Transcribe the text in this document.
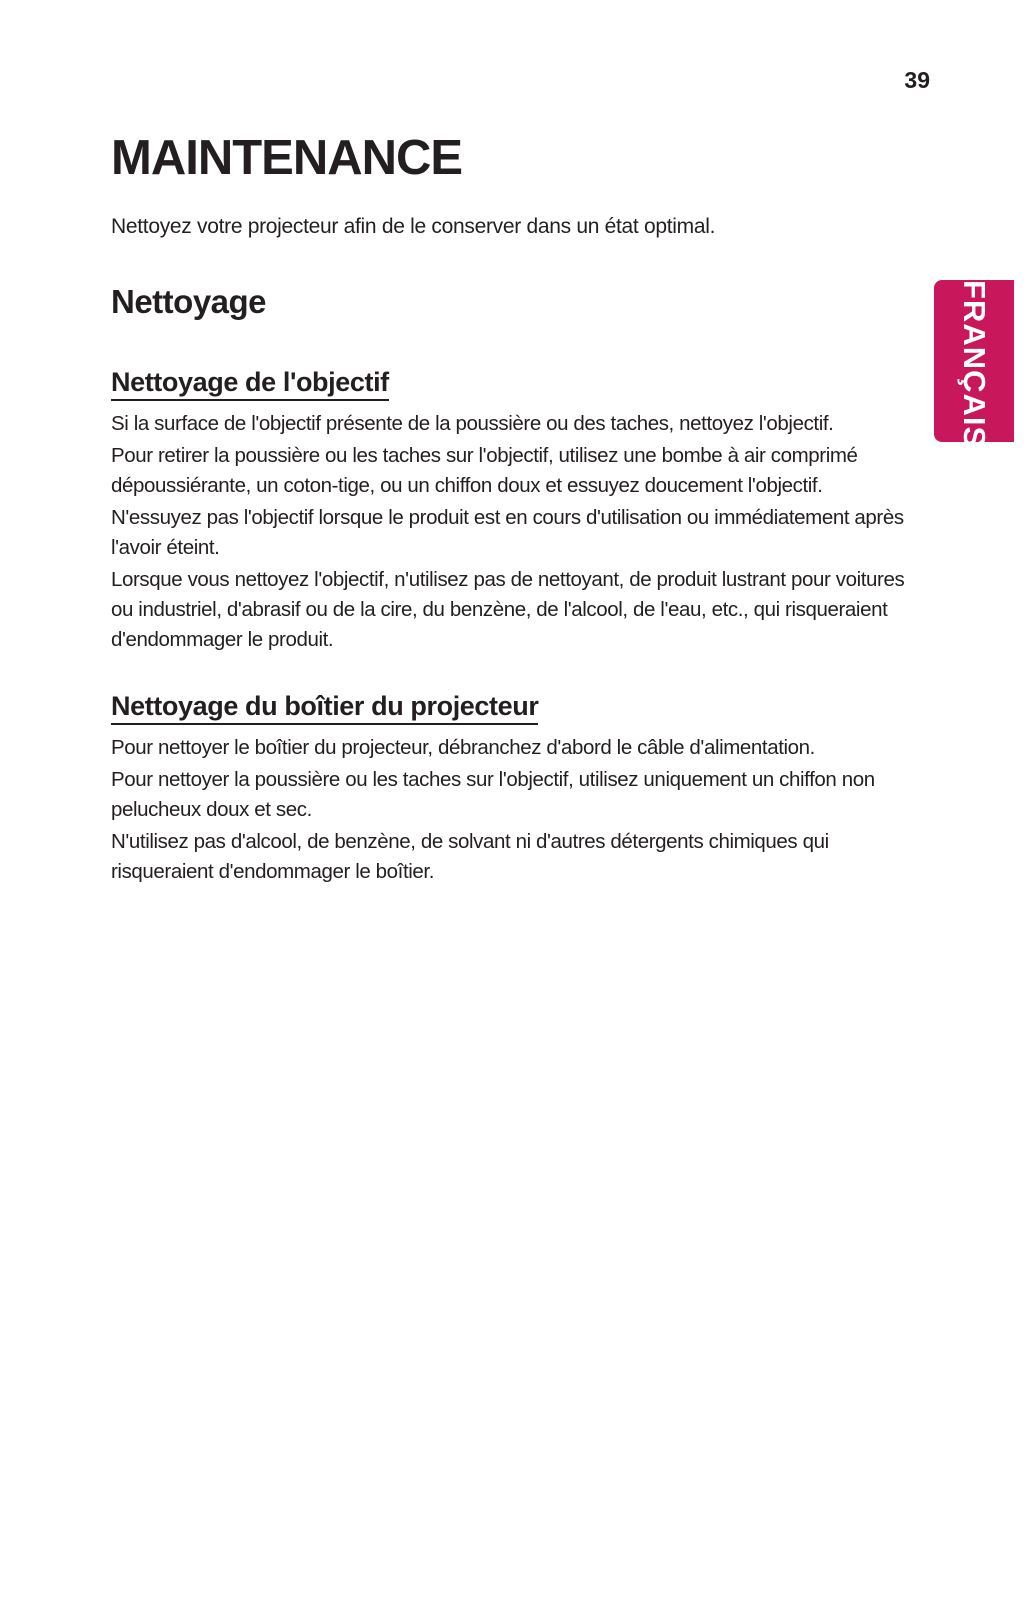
39
MAINTENANCE

Nettoyez votre projecteur afin de le conserver dans un état optimal.

Nettoyage	FRANÇAIS
Nettoyage de l'objectif

Si la surface de l'objectif présente de la poussière ou des taches, nettoyez l'objectif.

Pour retirer la poussière ou les taches sur l'objectif, utilisez une bombe à air comprimé dépoussiérante, un coton-tige, ou un chiffon doux et essuyez doucement l'objectif.

N'essuyez pas l'objectif lorsque le produit est en cours d'utilisation ou immédiatement après l'avoir éteint.

Lorsque vous nettoyez l'objectif, n'utilisez pas de nettoyant, de produit lustrant pour voitures ou industriel, d'abrasif ou de la cire, du benzène, de l'alcool, de l'eau, etc., qui risqueraient d'endommager le produit.

Nettoyage du boîtier du projecteur

Pour nettoyer le boîtier du projecteur, débranchez d'abord le câble d'alimentation.

Pour nettoyer la poussière ou les taches sur l'objectif, utilisez uniquement un chiffon non pelucheux doux et sec.

N'utilisez pas d'alcool, de benzène, de solvant ni d'autres détergents chimiques qui risqueraient d'endommager le boîtier.
